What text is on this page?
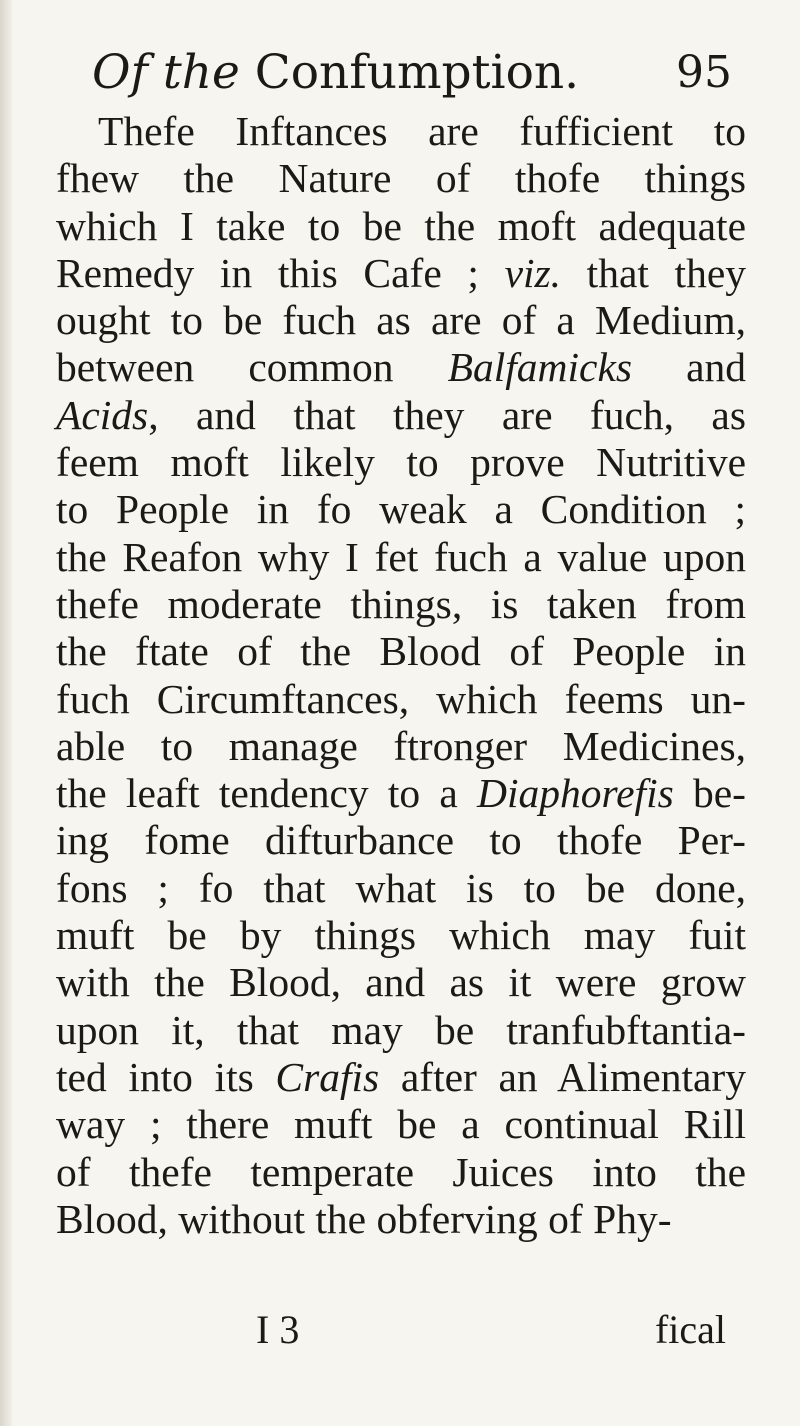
Of the Confumption. 95
Thefe Inftances are fufficient to
fhew the Nature of thofe things
which I take to be the moft adequate
Remedy in this Cafe ; viz. that they
ought to be fuch as are of a Medium,
between common Balfamicks and
Acids, and that they are fuch, as
feem moft likely to prove Nutritive
to People in fo weak a Condition ;
the Reafon why I fet fuch a value upon
thefe moderate things, is taken from
the ftate of the Blood of People in
fuch Circumftances, which feems un-
able to manage ftronger Medicines,
the leaft tendency to a Diaphorefis be-
ing fome difturbance to thofe Per-
fons ; fo that what is to be done,
muft be by things which may fuit
with the Blood, and as it were grow
upon it, that may be tranfubftantia-
ted into its Crafis after an Alimentary
way ; there muft be a continual Rill
of thefe temperate Juices into the
Blood, without the obferving of Phy-
I 3	fical
